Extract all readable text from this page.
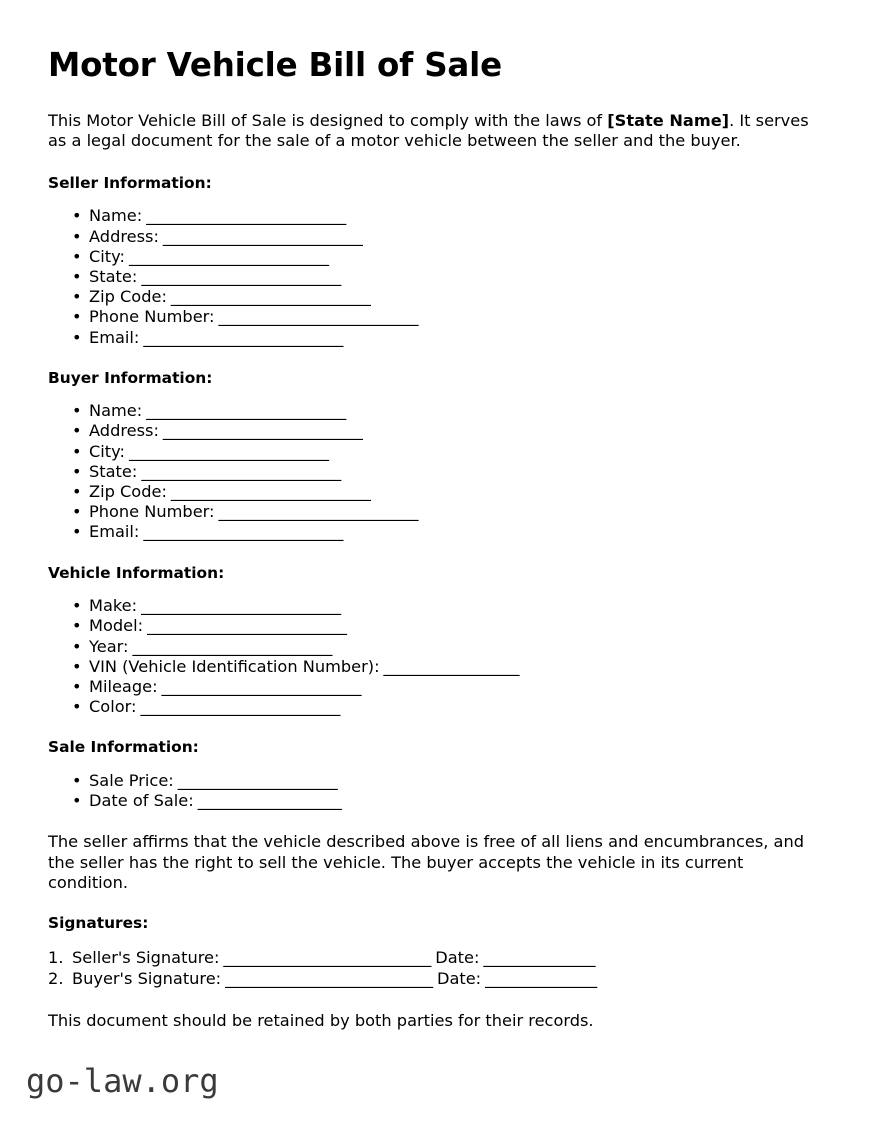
Motor Vehicle Bill of Sale

This Motor Vehicle Bill of Sale is designed to comply with the laws of [State Name]. It serves as a legal document for the sale of a motor vehicle between the seller and the buyer.

Seller Information:
• Name: _________________________
• Address: _________________________
• City: _________________________
• State: _________________________
• Zip Code: _________________________
• Phone Number: _________________________
• Email: _________________________
Buyer Information:
• Name: _________________________
• Address: _________________________
• City: _________________________
• State: _________________________
• Zip Code: _________________________
• Phone Number: _________________________
• Email: _________________________
Vehicle Information:
• Make: _________________________
• Model: _________________________
• Year: _________________________
• VIN (Vehicle Identification Number): _________________
• Mileage: _________________________
• Color: _________________________
Sale Information:
• Sale Price: ____________________
• Date of Sale: __________________

The seller affirms that the vehicle described above is free of all liens and encumbrances, and the seller has the right to sell the vehicle. The buyer accepts the vehicle in its current condition.

Signatures:
Seller's Signature: __________________________ Date: ______________
Buyer's Signature: __________________________ Date: ______________

This document should be retained by both parties for their records.

go-law.org
